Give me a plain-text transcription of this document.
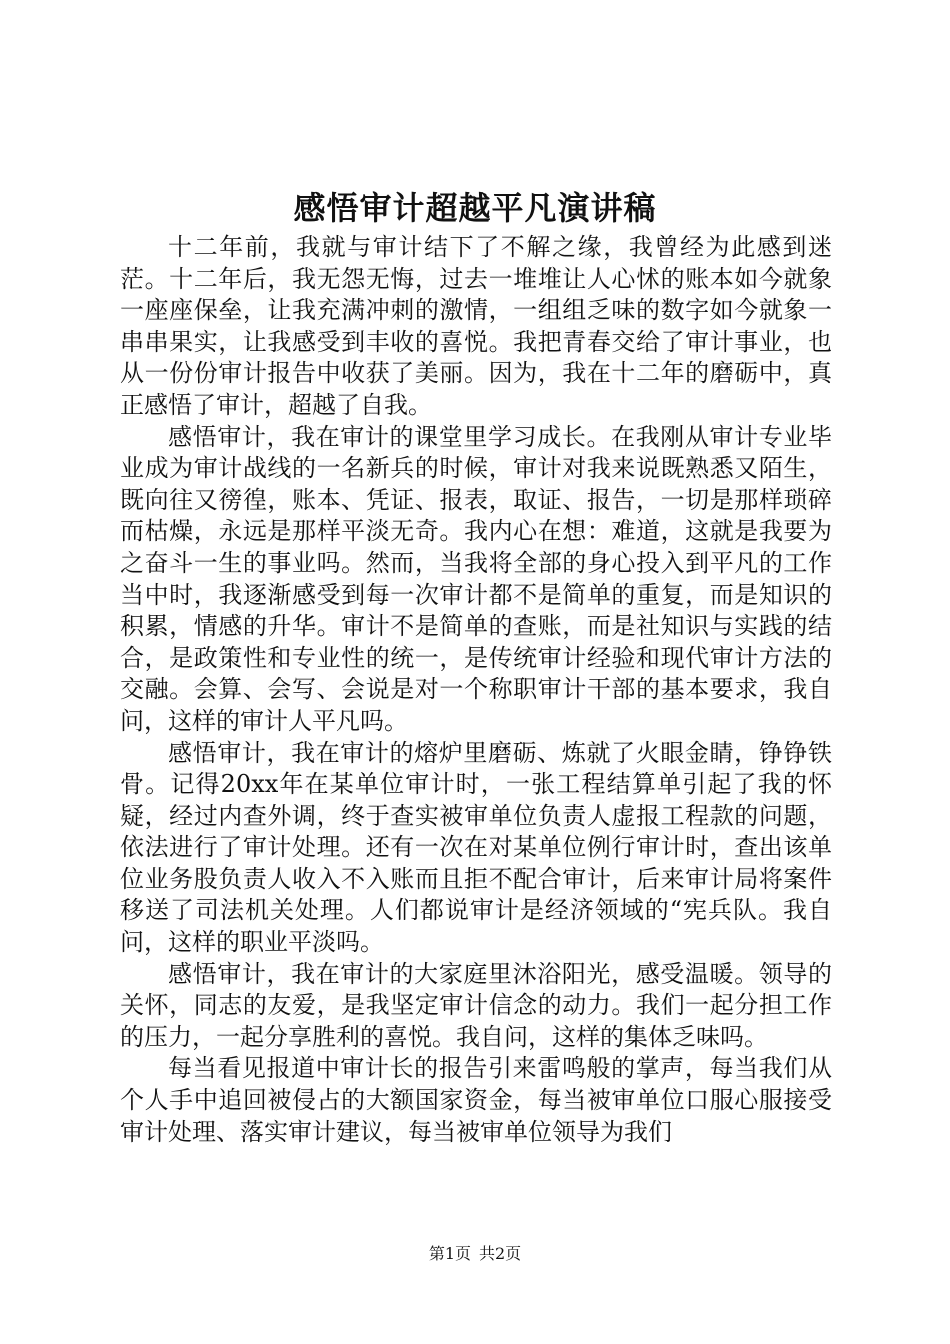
感悟审计超越平凡演讲稿

十二年前，我就与审计结下了不解之缘，我曾经为此感到迷茫。十二年后，我无怨无悔，过去一堆堆让人心怵的账本如今就象一座座保垒，让我充满冲刺的激情，一组组乏味的数字如今就象一串串果实，让我感受到丰收的喜悦。我把青春交给了审计事业，也从一份份审计报告中收获了美丽。因为，我在十二年的磨砺中，真正感悟了审计，超越了自我。

感悟审计，我在审计的课堂里学习成长。在我刚从审计专业毕业成为审计战线的一名新兵的时候，审计对我来说既熟悉又陌生，既向往又徬徨，账本、凭证、报表，取证、报告，一切是那样琐碎而枯燥，永远是那样平淡无奇。我内心在想：难道，这就是我要为之奋斗一生的事业吗。然而，当我将全部的身心投入到平凡的工作当中时，我逐渐感受到每一次审计都不是简单的重复，而是知识的积累，情感的升华。审计不是简单的查账，而是社知识与实践的结合，是政策性和专业性的统一，是传统审计经验和现代审计方法的交融。会算、会写、会说是对一个称职审计干部的基本要求，我自问，这样的审计人平凡吗。

感悟审计，我在审计的熔炉里磨砺、炼就了火眼金睛，铮铮铁骨。记得20xx年在某单位审计时，一张工程结算单引起了我的怀疑，经过内查外调，终于查实被审单位负责人虚报工程款的问题，依法进行了审计处理。还有一次在对某单位例行审计时，查出该单位业务股负责人收入不入账而且拒不配合审计，后来审计局将案件移送了司法机关处理。人们都说审计是经济领域的“宪兵队。我自问，这样的职业平淡吗。

感悟审计，我在审计的大家庭里沐浴阳光，感受温暖。领导的关怀，同志的友爱，是我坚定审计信念的动力。我们一起分担工作的压力，一起分享胜利的喜悦。我自问，这样的集体乏味吗。

每当看见报道中审计长的报告引来雷鸣般的掌声，每当我们从个人手中追回被侵占的大额国家资金，每当被审单位口服心服接受审计处理、落实审计建议，每当被审单位领导为我们

第1页 共2页
